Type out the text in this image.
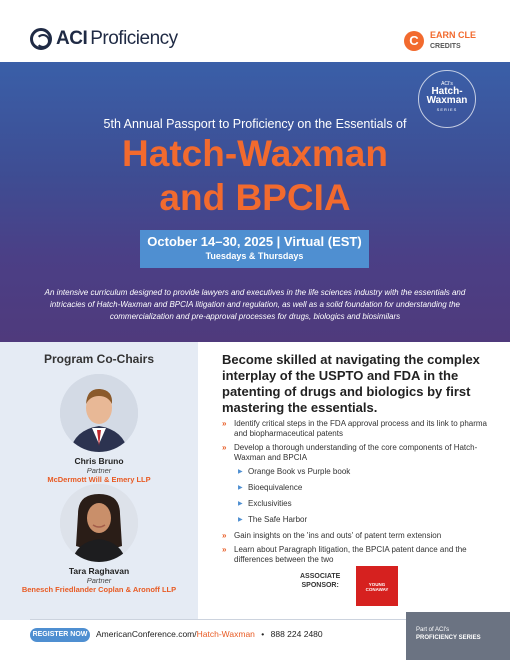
ACI Proficiency	C	EARN CLE
CREDITS
ACI's
Hatch-Waxman
SERIES
5th Annual Passport to Proficiency on the Essentials of
Hatch-Waxman
and BPCIA
October 14–30, 2025 | Virtual (EST)
Tuesdays & Thursdays
An intensive curriculum designed to provide lawyers and executives in the life sciences industry with the essentials and intricacies of Hatch-Waxman and BPCIA litigation and regulation, as well as a solid foundation for understanding the commercialization and pre-approval processes for drugs, biologics and biosimilars
Program Co-Chairs
Chris Bruno
Partner
McDermott Will & Emery LLP
Tara Raghavan
Partner
Benesch Friedlander Coplan & Aronoff LLP
Become skilled at navigating the complex interplay of the USPTO and FDA in the patenting of drugs and biologics by first mastering the essentials.
» Identify critical steps in the FDA approval process and its link to pharma and biopharmaceutical patents
» Develop a thorough understanding of the core components of Hatch-Waxman and BPCIA
▶ Orange Book vs Purple book
▶ Bioequivalence
▶ Exclusivities
▶ The Safe Harbor
» Gain insights on the 'ins and outs' of patent term extension
» Learn about Paragraph litigation, the BPCIA patent dance and the differences between the two
ASSOCIATE
SPONSOR:	YOUNG
CONAWAY
REGISTER NOW	AmericanConference.com/Hatch-Waxman • 888 224 2480	Part of ACI's
PROFICIENCY SERIES
